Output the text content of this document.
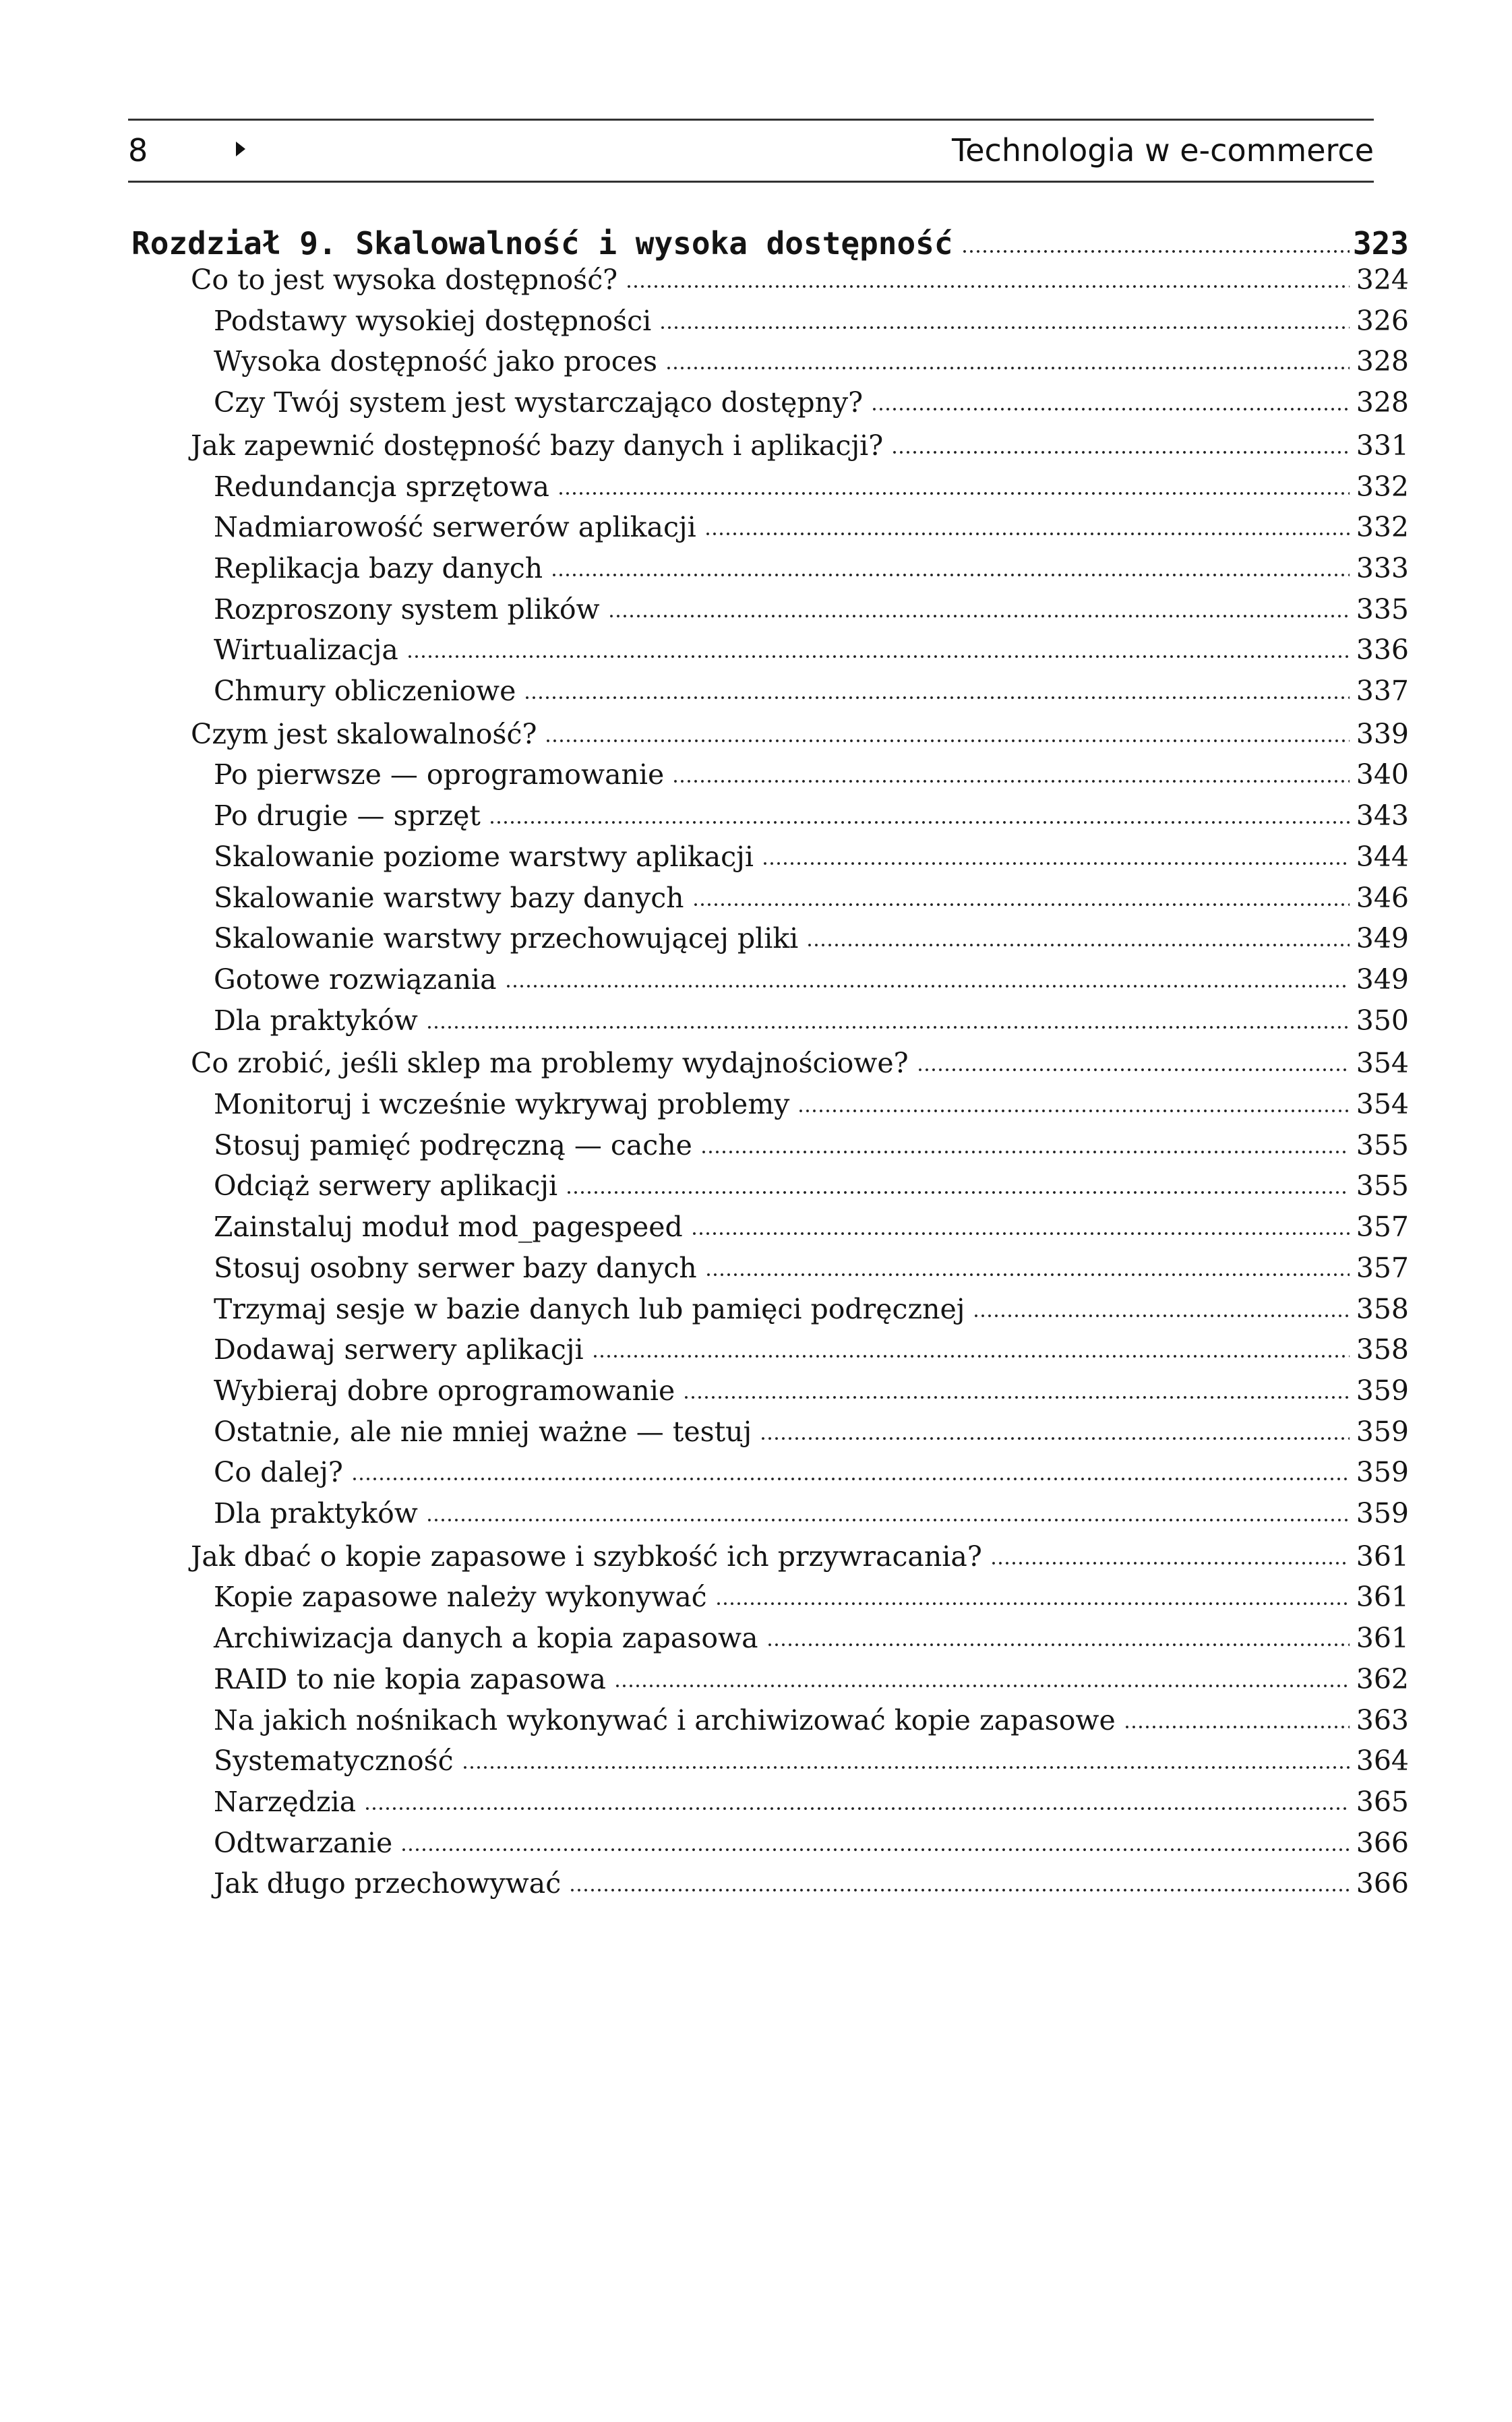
8	Technologia w e-commerce
Rozdział 9. Skalowalność i wysoka dostępność	323
Co to jest wysoka dostępność?	324
Podstawy wysokiej dostępności	326
Wysoka dostępność jako proces	328
Czy Twój system jest wystarczająco dostępny?	328
Jak zapewnić dostępność bazy danych i aplikacji?	331
Redundancja sprzętowa	332
Nadmiarowość serwerów aplikacji	332
Replikacja bazy danych	333
Rozproszony system plików	335
Wirtualizacja	336
Chmury obliczeniowe	337
Czym jest skalowalność?	339
Po pierwsze — oprogramowanie	340
Po drugie — sprzęt	343
Skalowanie poziome warstwy aplikacji	344
Skalowanie warstwy bazy danych	346
Skalowanie warstwy przechowującej pliki	349
Gotowe rozwiązania	349
Dla praktyków	350
Co zrobić, jeśli sklep ma problemy wydajnościowe?	354
Monitoruj i wcześnie wykrywaj problemy	354
Stosuj pamięć podręczną — cache	355
Odciąż serwery aplikacji	355
Zainstaluj moduł mod_pagespeed	357
Stosuj osobny serwer bazy danych	357
Trzymaj sesje w bazie danych lub pamięci podręcznej	358
Dodawaj serwery aplikacji	358
Wybieraj dobre oprogramowanie	359
Ostatnie, ale nie mniej ważne — testuj	359
Co dalej?	359
Dla praktyków	359
Jak dbać o kopie zapasowe i szybkość ich przywracania?	361
Kopie zapasowe należy wykonywać	361
Archiwizacja danych a kopia zapasowa	361
RAID to nie kopia zapasowa	362
Na jakich nośnikach wykonywać i archiwizować kopie zapasowe	363
Systematyczność	364
Narzędzia	365
Odtwarzanie	366
Jak długo przechowywać	366
